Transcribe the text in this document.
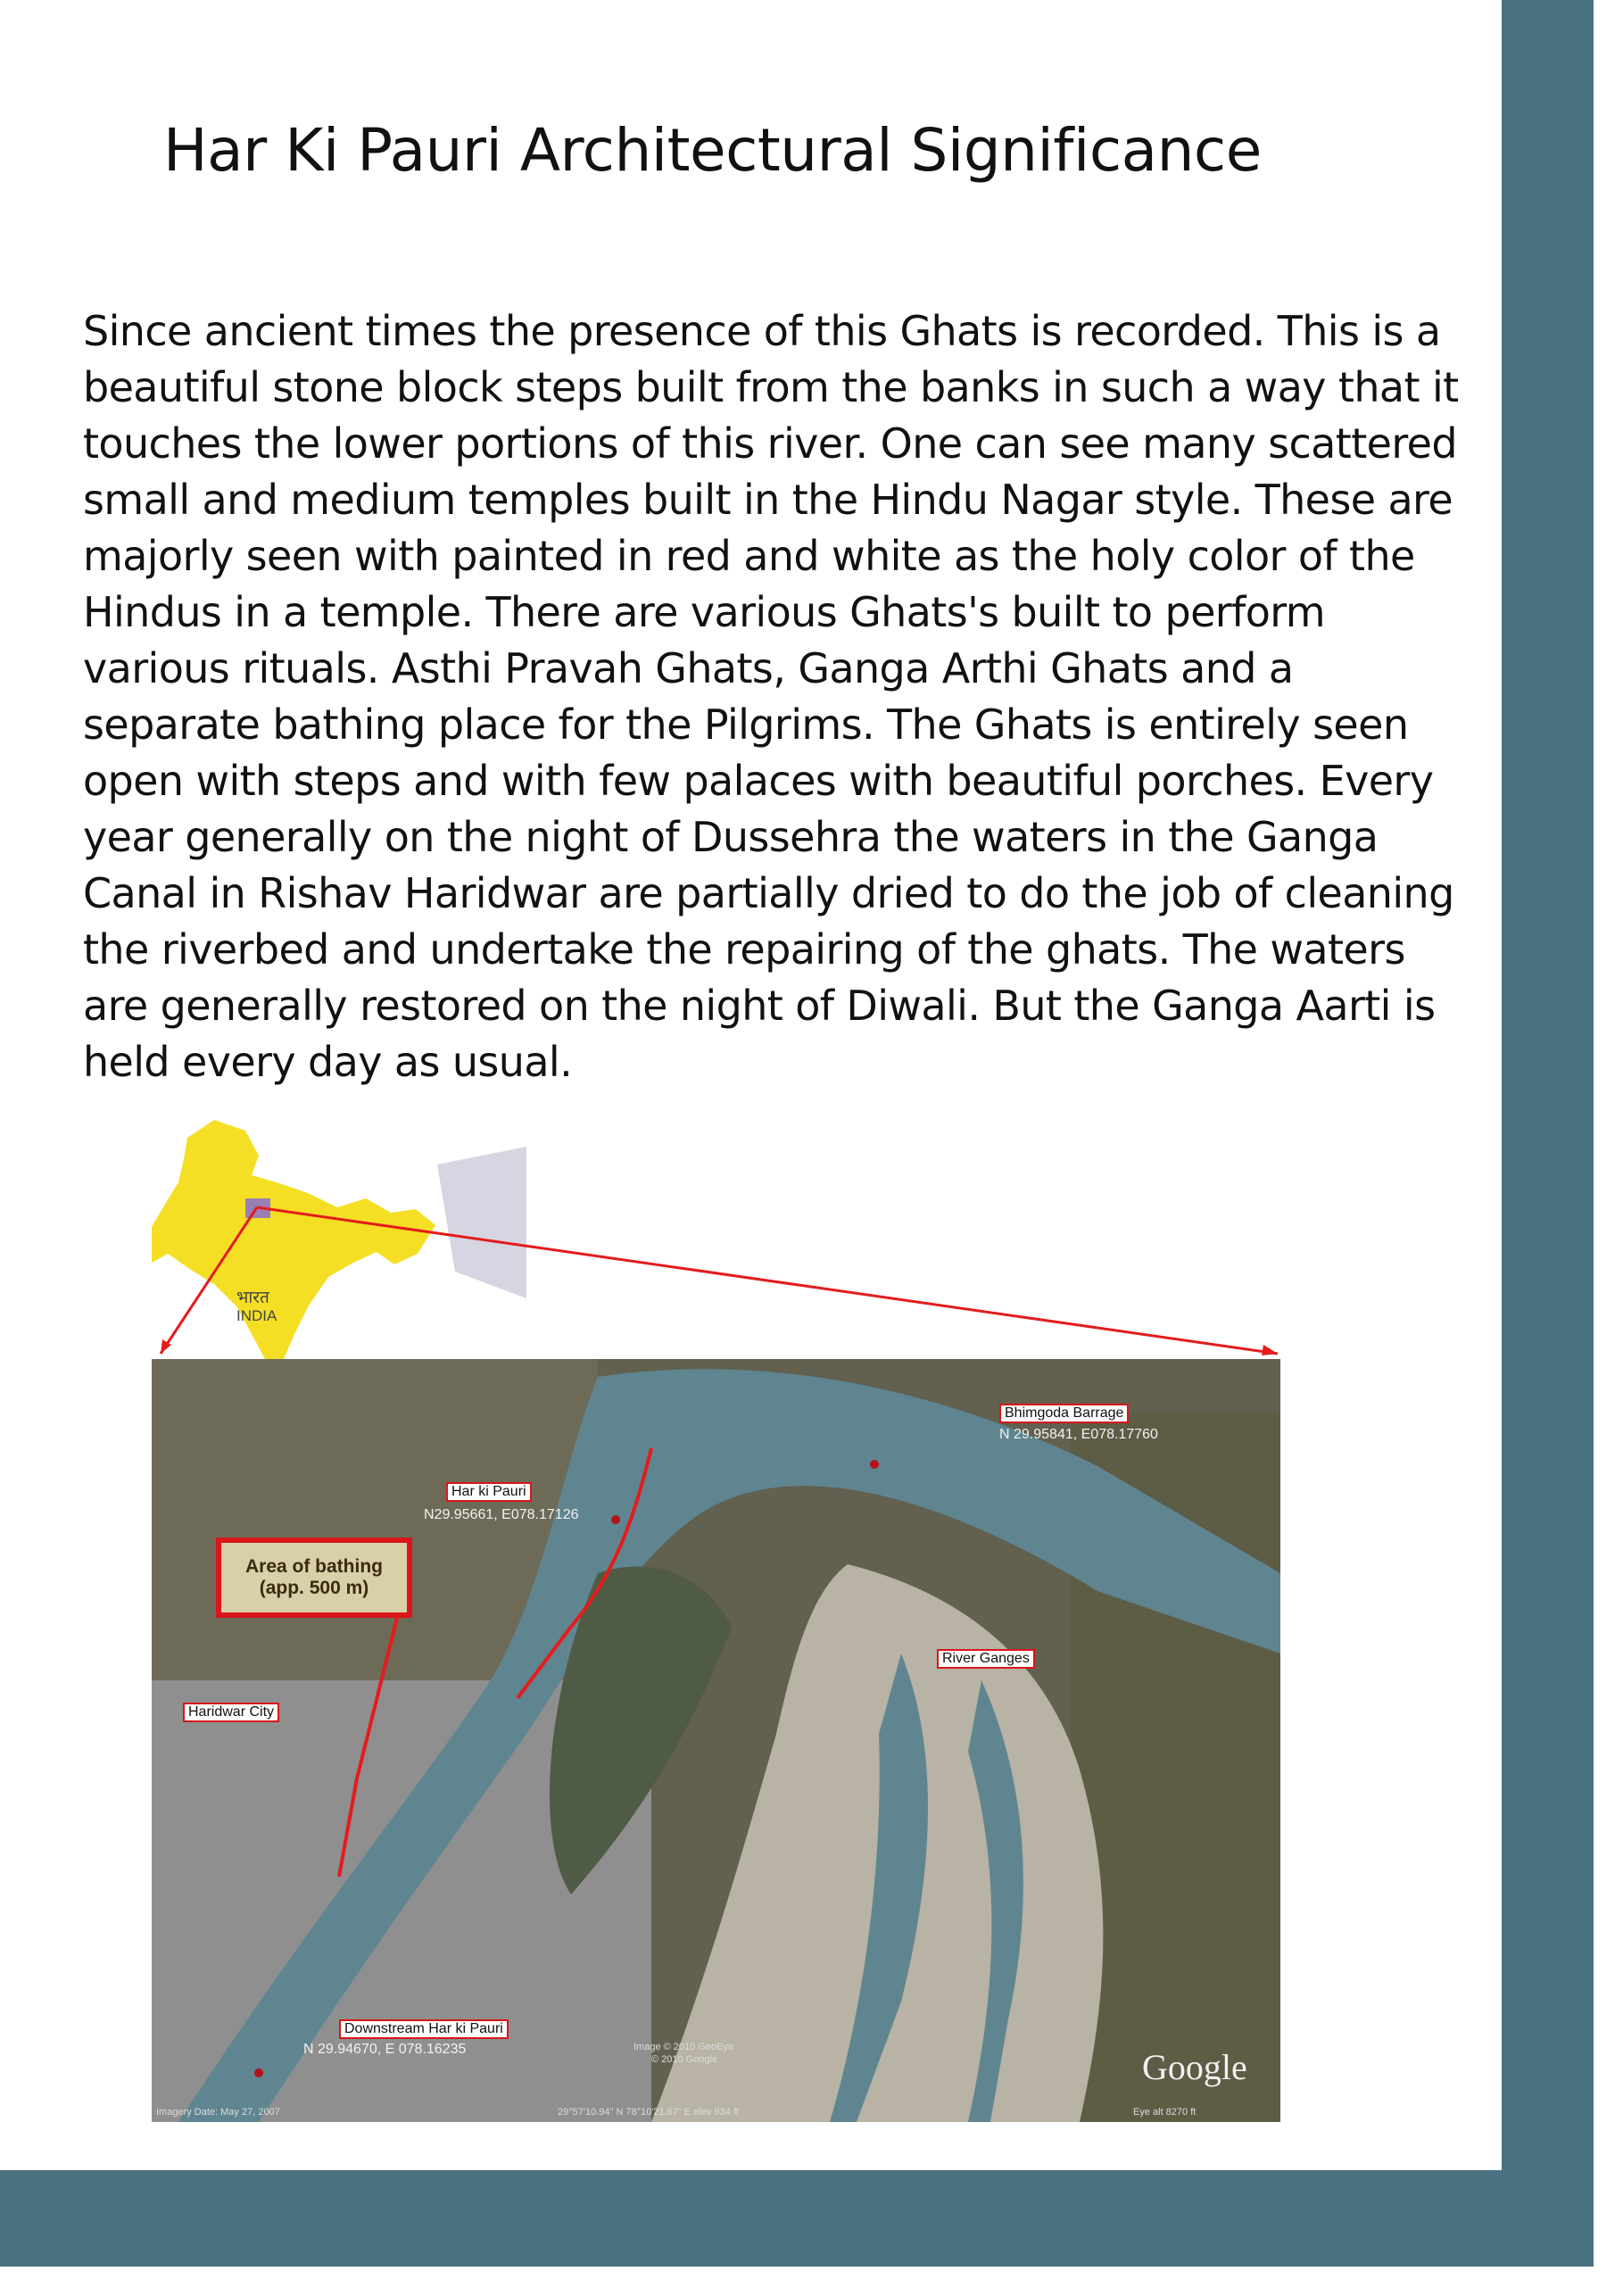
Har Ki Pauri Architectural Significance

Since ancient times the presence of this Ghats is recorded. This is a beautiful stone block steps built from the banks in such a way that it touches the lower portions of this river. One can see many scattered small and medium temples built in the Hindu Nagar style. These are majorly seen with painted in red and white as the holy color of the Hindus in a temple. There are various Ghats's built to perform various rituals. Asthi Pravah Ghats, Ganga Arthi Ghats and a separate bathing place for the Pilgrims. The Ghats is entirely seen open with steps and with few palaces with beautiful porches. Every year generally on the night of Dussehra the waters in the Ganga Canal in Rishav Haridwar are partially dried to do the job of cleaning the riverbed and undertake the repairing of the ghats. The waters are generally restored on the night of Diwali. But the Ganga Aarti is held every day as usual.

भारत
INDIA
Area of bathing
(app. 500 m)
Har ki Pauri
N29.95661, E078.17126
Bhimgoda Barrage
N 29.95841, E078.17760
River Ganges
Haridwar City
Downstream Har ki Pauri
N 29.94670, E 078.16235
Imagery Date: May 27, 2007	29°57'10.94" N 78°10'21.67" E elev 934 ft
Image © 2010 GeoEye
© 2010 Google	Google
Eye alt 8270 ft
